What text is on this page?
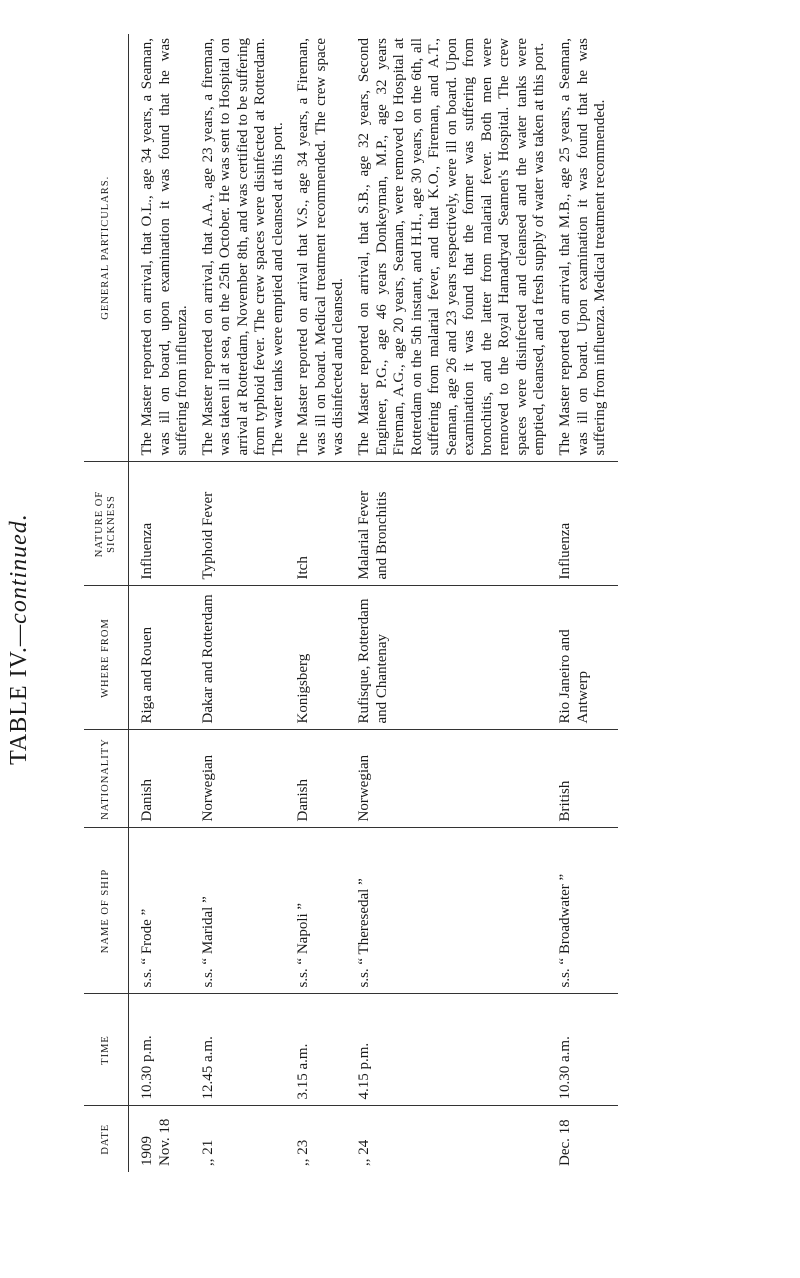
TABLE IV.—continued.
DATE	TIME	NAME OF SHIP	NATIONALITY	WHERE FROM	NATURE OF SICKNESS	GENERAL PARTICULARS.

1909 Nov. 18	10.30 p.m.	s.s. “ Frode ”	Danish	Riga and Rouen	Influenza	The Master reported on arrival, that O.L., age 34 years, a Seaman, was ill on board, upon examination it was found that he was suffering from influenza.
,, 21	12.45 a.m.	s.s. “ Maridal ”	Norwegian	Dakar and Rotterdam	Typhoid Fever	The Master reported on arrival, that A.A., age 23 years, a fireman, was taken ill at sea, on the 25th October. He was sent to Hospital on arrival at Rotterdam, November 8th, and was certified to be suffering from typhoid fever. The crew spaces were disinfected at Rotterdam. The water tanks were emptied and cleansed at this port.
,, 23	3.15 a.m.	s.s. “ Napoli ”	Danish	Konigsberg	Itch	The Master reported on arrival that V.S., age 34 years, a Fireman, was ill on board. Medical treatment recommended. The crew space was disinfected and cleansed.
,, 24	4.15 p.m.	s.s. “ Theresedal ”	Norwegian	Rufisque, Rotterdam and Chantenay	Malarial Fever and Bronchitis	The Master reported on arrival, that S.B., age 32 years, Second Engineer, P.G., age 46 years Donkeyman, M.P., age 32 years Fireman, A.G., age 20 years, Seaman, were removed to Hospital at Rotterdam on the 5th instant, and H.H., age 30 years, on the 6th, all suffering from malarial fever, and that K.O., Fireman, and A.T., Seaman, age 26 and 23 years respectively, were ill on board. Upon examination it was found that the former was suffering from bronchitis, and the latter from malarial fever. Both men were removed to the Royal Hamadryad Seamen's Hospital. The crew spaces were disinfected and cleansed and the water tanks were emptied, cleansed, and a fresh supply of water was taken at this port.
Dec. 18	10.30 a.m.	s.s. “ Broadwater ”	British	Rio Janeiro and Antwerp	Influenza	The Master reported on arrival, that M.B., age 25 years, a Seaman, was ill on board. Upon examination it was found that he was suffering from influenza. Medical treatment recommended.
